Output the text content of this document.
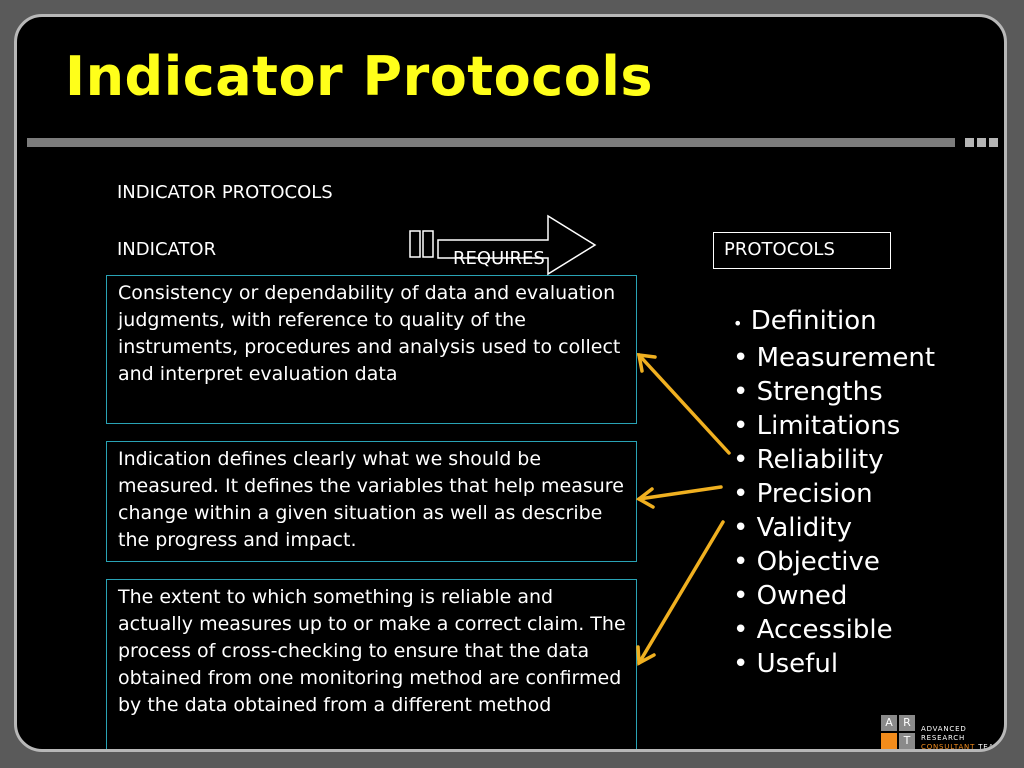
Indicator Protocols
INDICATOR PROTOCOLS
INDICATOR
Consistency or dependability of data and evaluation judgments, with reference to quality of the instruments, procedures and analysis used to collect and interpret evaluation data
Indication defines clearly what we should be measured. It defines the variables that help measure change within a given situation as well as describe the progress and impact.
The extent to which something is reliable and actually measures up to or make a correct claim. The process of cross-checking to ensure that the data obtained from one monitoring method are confirmed by the data obtained from a different method
PROTOCOLS
• Definition
• Measurement
• Strengths
• Limitations
• Reliability
• Precision
• Validity
• Objective
• Owned
• Accessible
• Useful
REQUIRES
A R
T
ADVANCED RESEARCH
CONSULTANT TEAM
